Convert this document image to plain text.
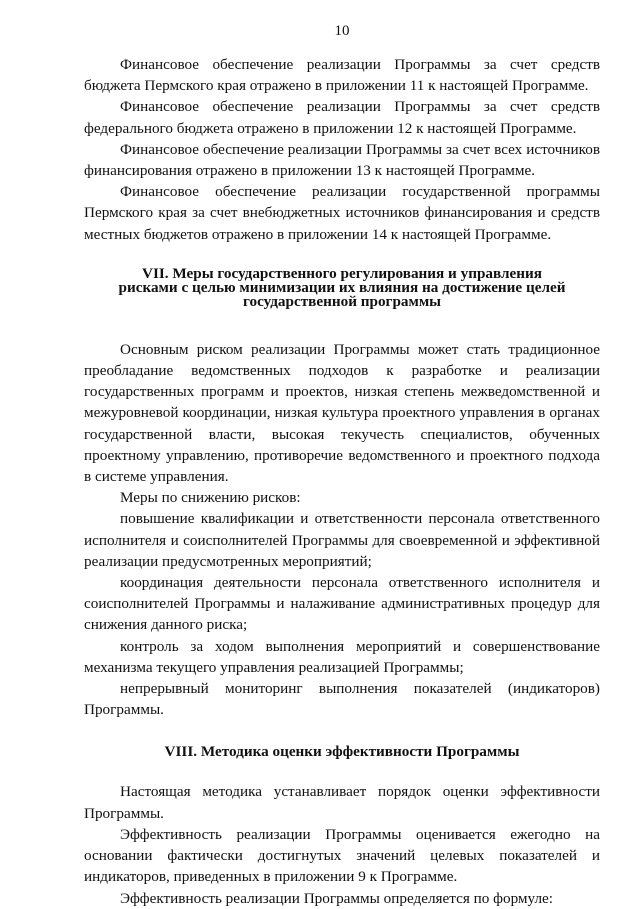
10

Финансовое обеспечение реализации Программы за счет средств бюджета Пермского края отражено в приложении 11 к настоящей Программе.

Финансовое обеспечение реализации Программы за счет средств федерального бюджета отражено в приложении 12 к настоящей Программе.

Финансовое обеспечение реализации Программы за счет всех источников финансирования отражено в приложении 13 к настоящей Программе.

Финансовое обеспечение реализации государственной программы Пермского края за счет внебюджетных источников финансирования и средств местных бюджетов отражено в приложении 14 к настоящей Программе.

VII. Меры государственного регулирования и управления
рисками с целью минимизации их влияния на достижение целей
государственной программы

Основным риском реализации Программы может стать традиционное преобладание ведомственных подходов к разработке и реализации государственных программ и проектов, низкая степень межведомственной и межуровневой координации, низкая культура проектного управления в органах государственной власти, высокая текучесть специалистов, обученных проектному управлению, противоречие ведомственного и проектного подхода в системе управления.

Меры по снижению рисков:

повышение квалификации и ответственности персонала ответственного исполнителя и соисполнителей Программы для своевременной и эффективной реализации предусмотренных мероприятий;

координация деятельности персонала ответственного исполнителя и соисполнителей Программы и налаживание административных процедур для снижения данного риска;

контроль за ходом выполнения мероприятий и совершенствование механизма текущего управления реализацией Программы;

непрерывный мониторинг выполнения показателей (индикаторов) Программы.

VIII. Методика оценки эффективности Программы

Настоящая методика устанавливает порядок оценки эффективности Программы.

Эффективность реализации Программы оценивается ежегодно на основании фактически достигнутых значений целевых показателей и индикаторов, приведенных в приложении 9 к Программе.

Эффективность реализации Программы определяется по формуле:
